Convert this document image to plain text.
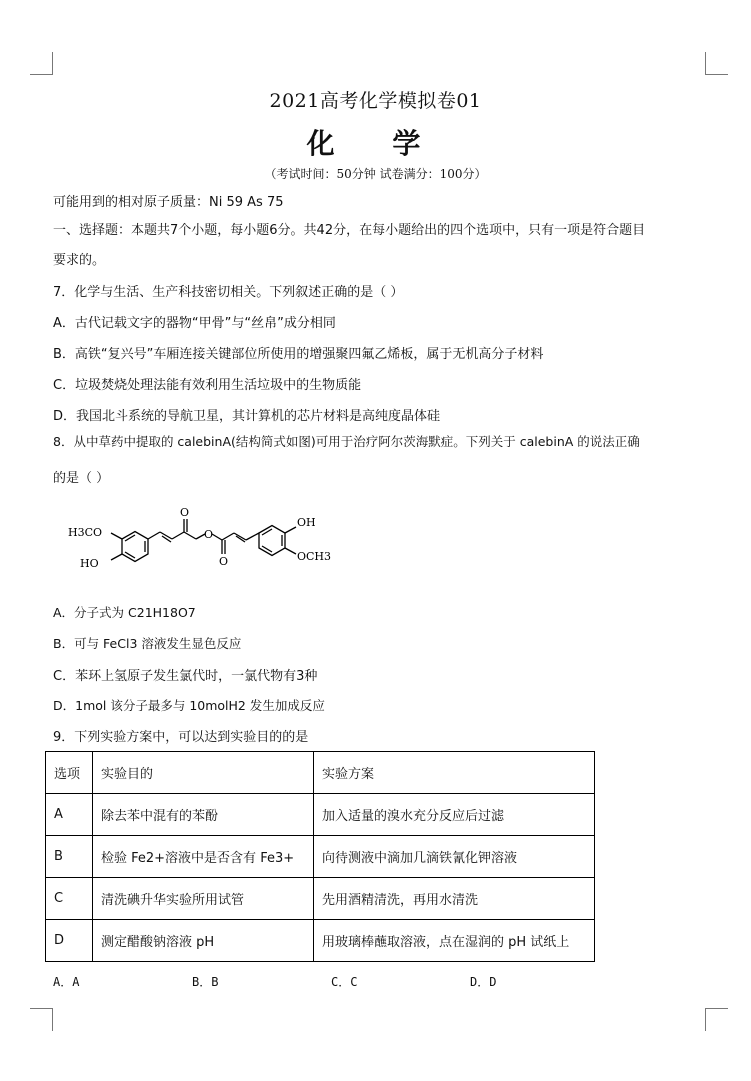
2021高考化学模拟卷01
化 学
（考试时间：50分钟 试卷满分：100分）
可能用到的相对原子质量：Ni 59 As 75
一、选择题：本题共7个小题，每小题6分。共42分，在每小题给出的四个选项中，只有一项是符合题目
要求的。
7．化学与生活、生产科技密切相关。下列叙述正确的是（ ）
A．古代记载文字的器物“甲骨”与“丝帛”成分相同
B．高铁“复兴号”车厢连接关键部位所使用的增强聚四氟乙烯板，属于无机高分子材料
C．垃圾焚烧处理法能有效利用生活垃圾中的生物质能
D．我国北斗系统的导航卫星，其计算机的芯片材料是高纯度晶体硅
8．从中草药中提取的 calebinA(结构简式如图)可用于治疗阿尔茨海默症。下列关于 calebinA 的说法正确
的是（ ）
H3CO
HO
O
O
O
OH
OCH3
A．分子式为 C21H18O7
B．可与 FeCl3 溶液发生显色反应
C．苯环上氢原子发生氯代时，一氯代物有3种
D．1mol 该分子最多与 10molH2 发生加成反应
9．下列实验方案中，可以达到实验目的的是
选项	实验目的	实验方案
A	除去苯中混有的苯酚	加入适量的溴水充分反应后过滤
B	检验 Fe2+溶液中是否含有 Fe3+	向待测液中滴加几滴铁氰化钾溶液
C	清洗碘升华实验所用试管	先用酒精清洗，再用水清洗
D	测定醋酸钠溶液 pH	用玻璃棒蘸取溶液，点在湿润的 pH 试纸上
A．A	B．B	C．C	D．D
